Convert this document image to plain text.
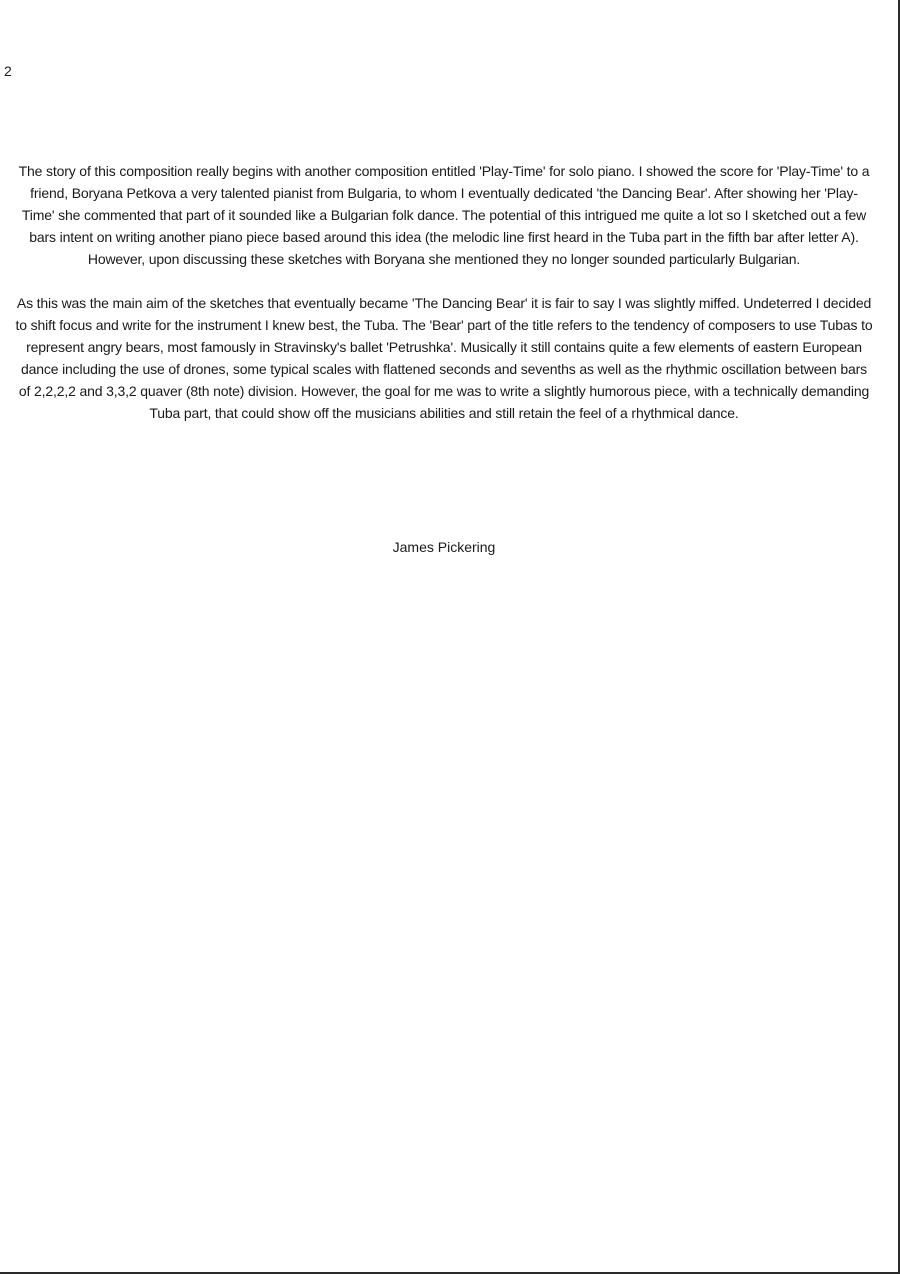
2

The story of this composition really begins with another composition entitled 'Play-Time' for solo piano. I showed the score for 'Play-Time' to a friend, Boryana Petkova a very talented pianist from Bulgaria, to whom I eventually dedicated 'the Dancing Bear'. After showing her 'Play-Time' she commented that part of it sounded like a Bulgarian folk dance. The potential of this intrigued me quite a lot so I sketched out a few bars intent on writing another piano piece based around this idea (the melodic line first heard in the Tuba part in the fifth bar after letter A). However, upon discussing these sketches with Boryana she mentioned they no longer sounded particularly Bulgarian.

As this was the main aim of the sketches that eventually became 'The Dancing Bear' it is fair to say I was slightly miffed. Undeterred I decided to shift focus and write for the instrument I knew best, the Tuba. The 'Bear' part of the title refers to the tendency of composers to use Tubas to represent angry bears, most famously in Stravinsky's ballet 'Petrushka'. Musically it still contains quite a few elements of eastern European dance including the use of drones, some typical scales with flattened seconds and sevenths as well as the rhythmic oscillation between bars of 2,2,2,2 and 3,3,2 quaver (8th note) division. However, the goal for me was to write a slightly humorous piece, with a technically demanding Tuba part, that could show off the musicians abilities and still retain the feel of a rhythmical dance.

James Pickering
